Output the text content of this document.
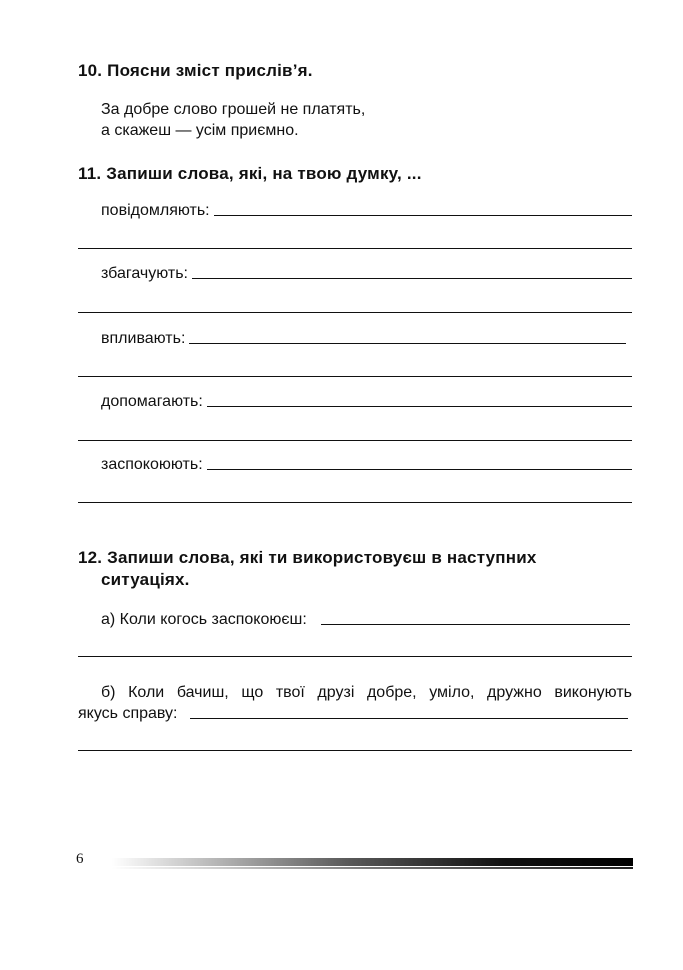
10. Поясни зміст прислів’я.
За добре слово грошей не платять,
а скажеш — усім приємно.
11. Запиши слова, які, на твою думку, ...
повідомляють:
збагачують:
впливають:
допомагають:
заспокоюють:
12. Запиши слова, які ти використовуєш в наступних
ситуаціях.
а) Коли когось заспокоюєш:
б) Коли бачиш, що твої друзі добре, уміло, дружно виконують
якусь справу:
6
